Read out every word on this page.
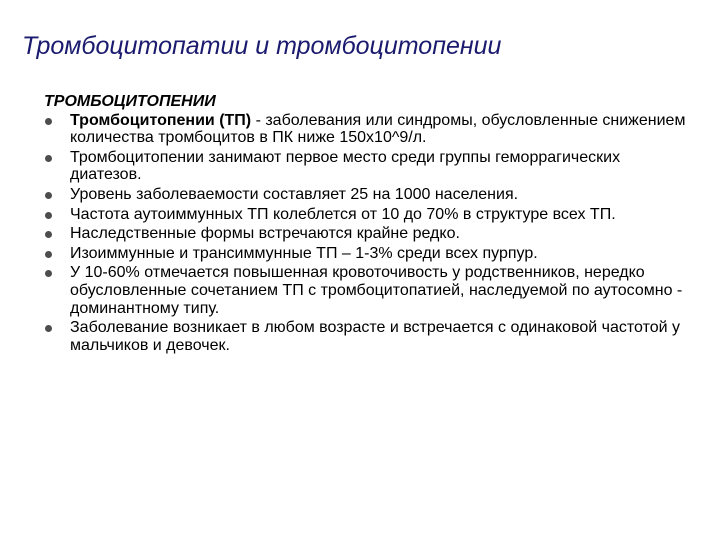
Тромбоцитопатии и тромбоцитопении
ТРОМБОЦИТОПЕНИИ
Тромбоцитопении (ТП) - заболевания или синдромы, обусловленные снижением количества тромбоцитов в ПК ниже 150x10^9/л.
Тромбоцитопении занимают первое место среди группы геморрагических диатезов.
Уровень заболеваемости составляет 25 на 1000 населения.
Частота аутоиммунных ТП колеблется от 10 до 70% в структуре всех ТП.
Наследственные формы встречаются крайне редко.
Изоиммунные и трансиммунные ТП – 1-3% среди всех пурпур.
У 10-60% отмечается повышенная кровоточивость у родственников, нередко обусловленные сочетанием ТП с тромбоцитопатией, наследуемой по аутосомно - доминантному типу.
Заболевание возникает в любом возрасте и встречается с одинаковой частотой у мальчиков и девочек.
